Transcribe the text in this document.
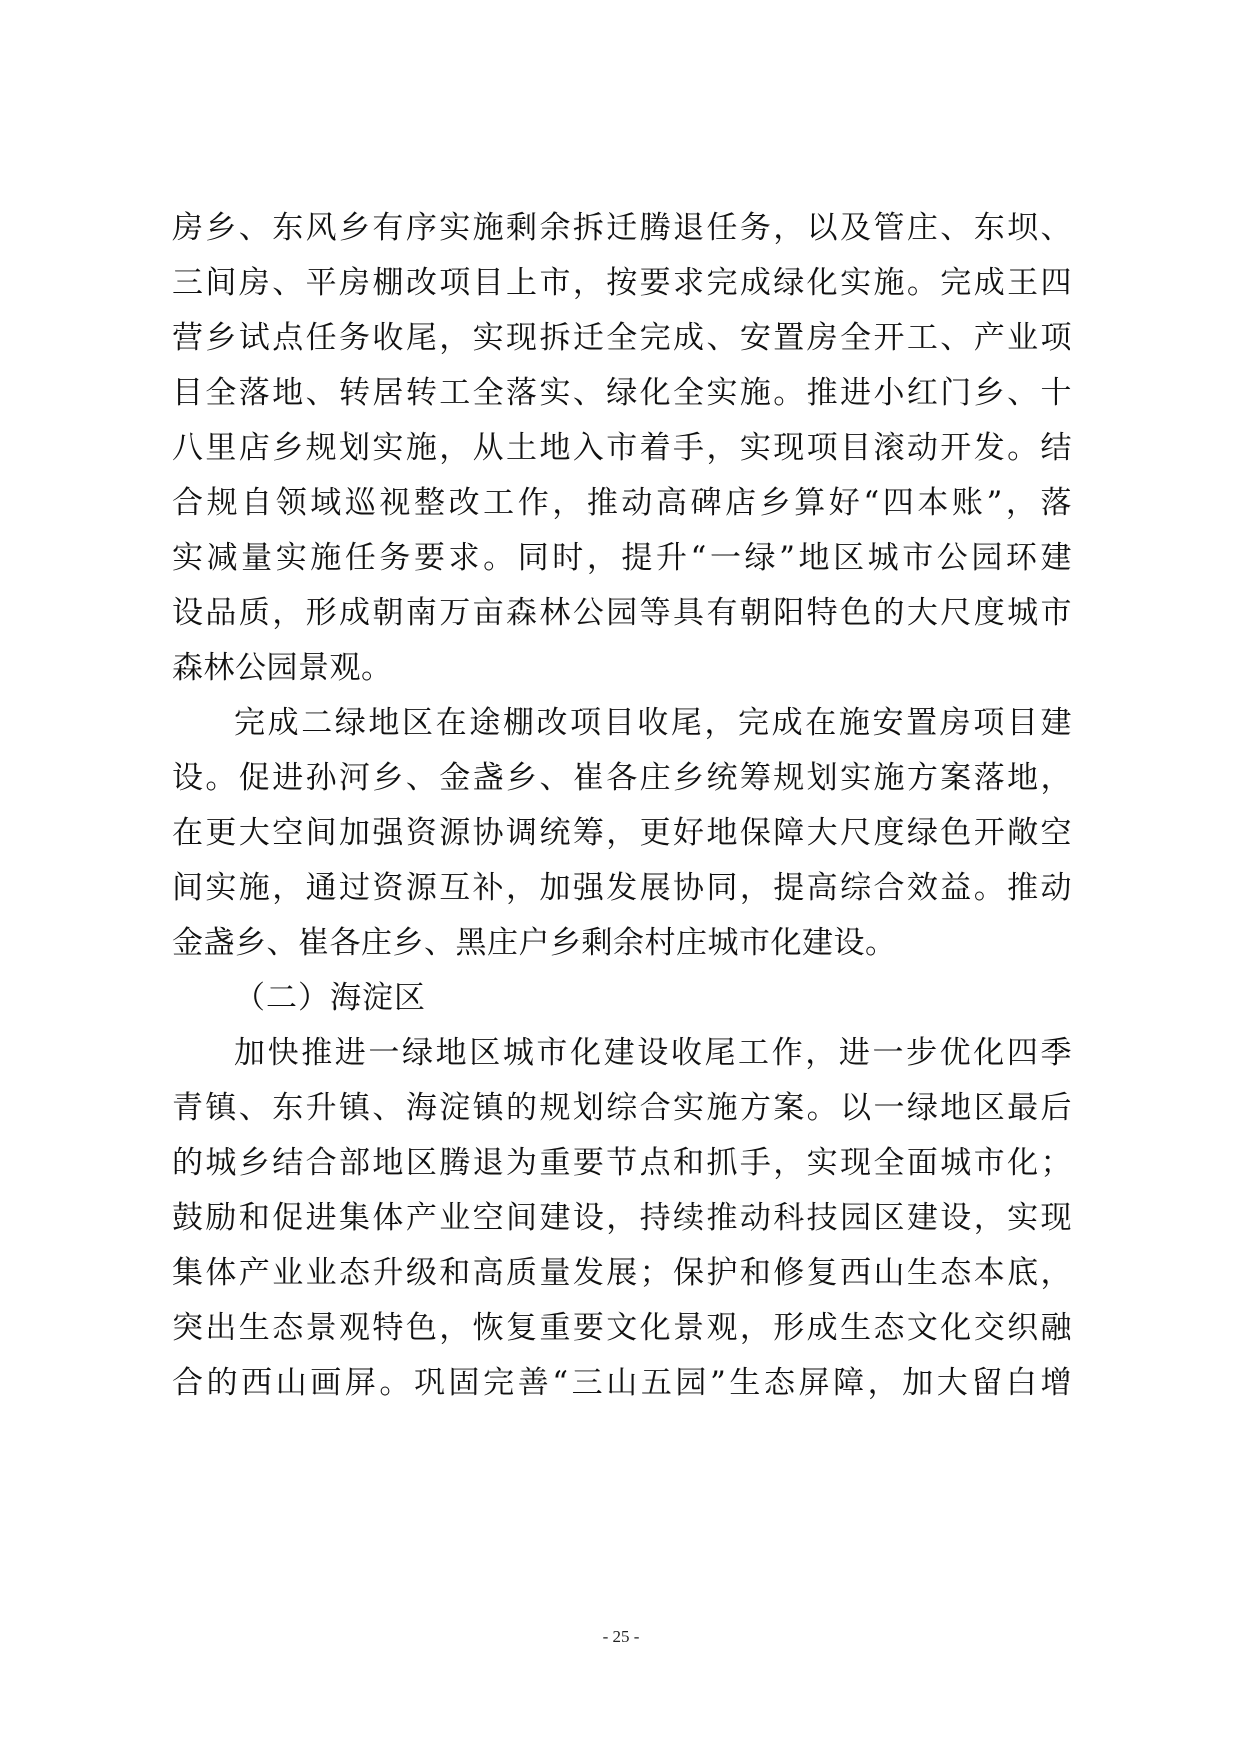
房乡、东风乡有序实施剩余拆迁腾退任务，以及管庄、东坝、
三间房、平房棚改项目上市，按要求完成绿化实施。完成王四
营乡试点任务收尾，实现拆迁全完成、安置房全开工、产业项
目全落地、转居转工全落实、绿化全实施。推进小红门乡、十
八里店乡规划实施，从土地入市着手，实现项目滚动开发。结
合规自领域巡视整改工作，推动高碑店乡算好“四本账”，落
实减量实施任务要求。同时，提升“一绿”地区城市公园环建
设品质，形成朝南万亩森林公园等具有朝阳特色的大尺度城市
森林公园景观。
完成二绿地区在途棚改项目收尾，完成在施安置房项目建
设。促进孙河乡、金盏乡、崔各庄乡统筹规划实施方案落地，
在更大空间加强资源协调统筹，更好地保障大尺度绿色开敞空
间实施，通过资源互补，加强发展协同，提高综合效益。推动
金盏乡、崔各庄乡、黑庄户乡剩余村庄城市化建设。
（二）海淀区
加快推进一绿地区城市化建设收尾工作，进一步优化四季
青镇、东升镇、海淀镇的规划综合实施方案。以一绿地区最后
的城乡结合部地区腾退为重要节点和抓手，实现全面城市化；
鼓励和促进集体产业空间建设，持续推动科技园区建设，实现
集体产业业态升级和高质量发展；保护和修复西山生态本底，
突出生态景观特色，恢复重要文化景观，形成生态文化交织融
合的西山画屏。巩固完善“三山五园”生态屏障，加大留白增
- 25 -
